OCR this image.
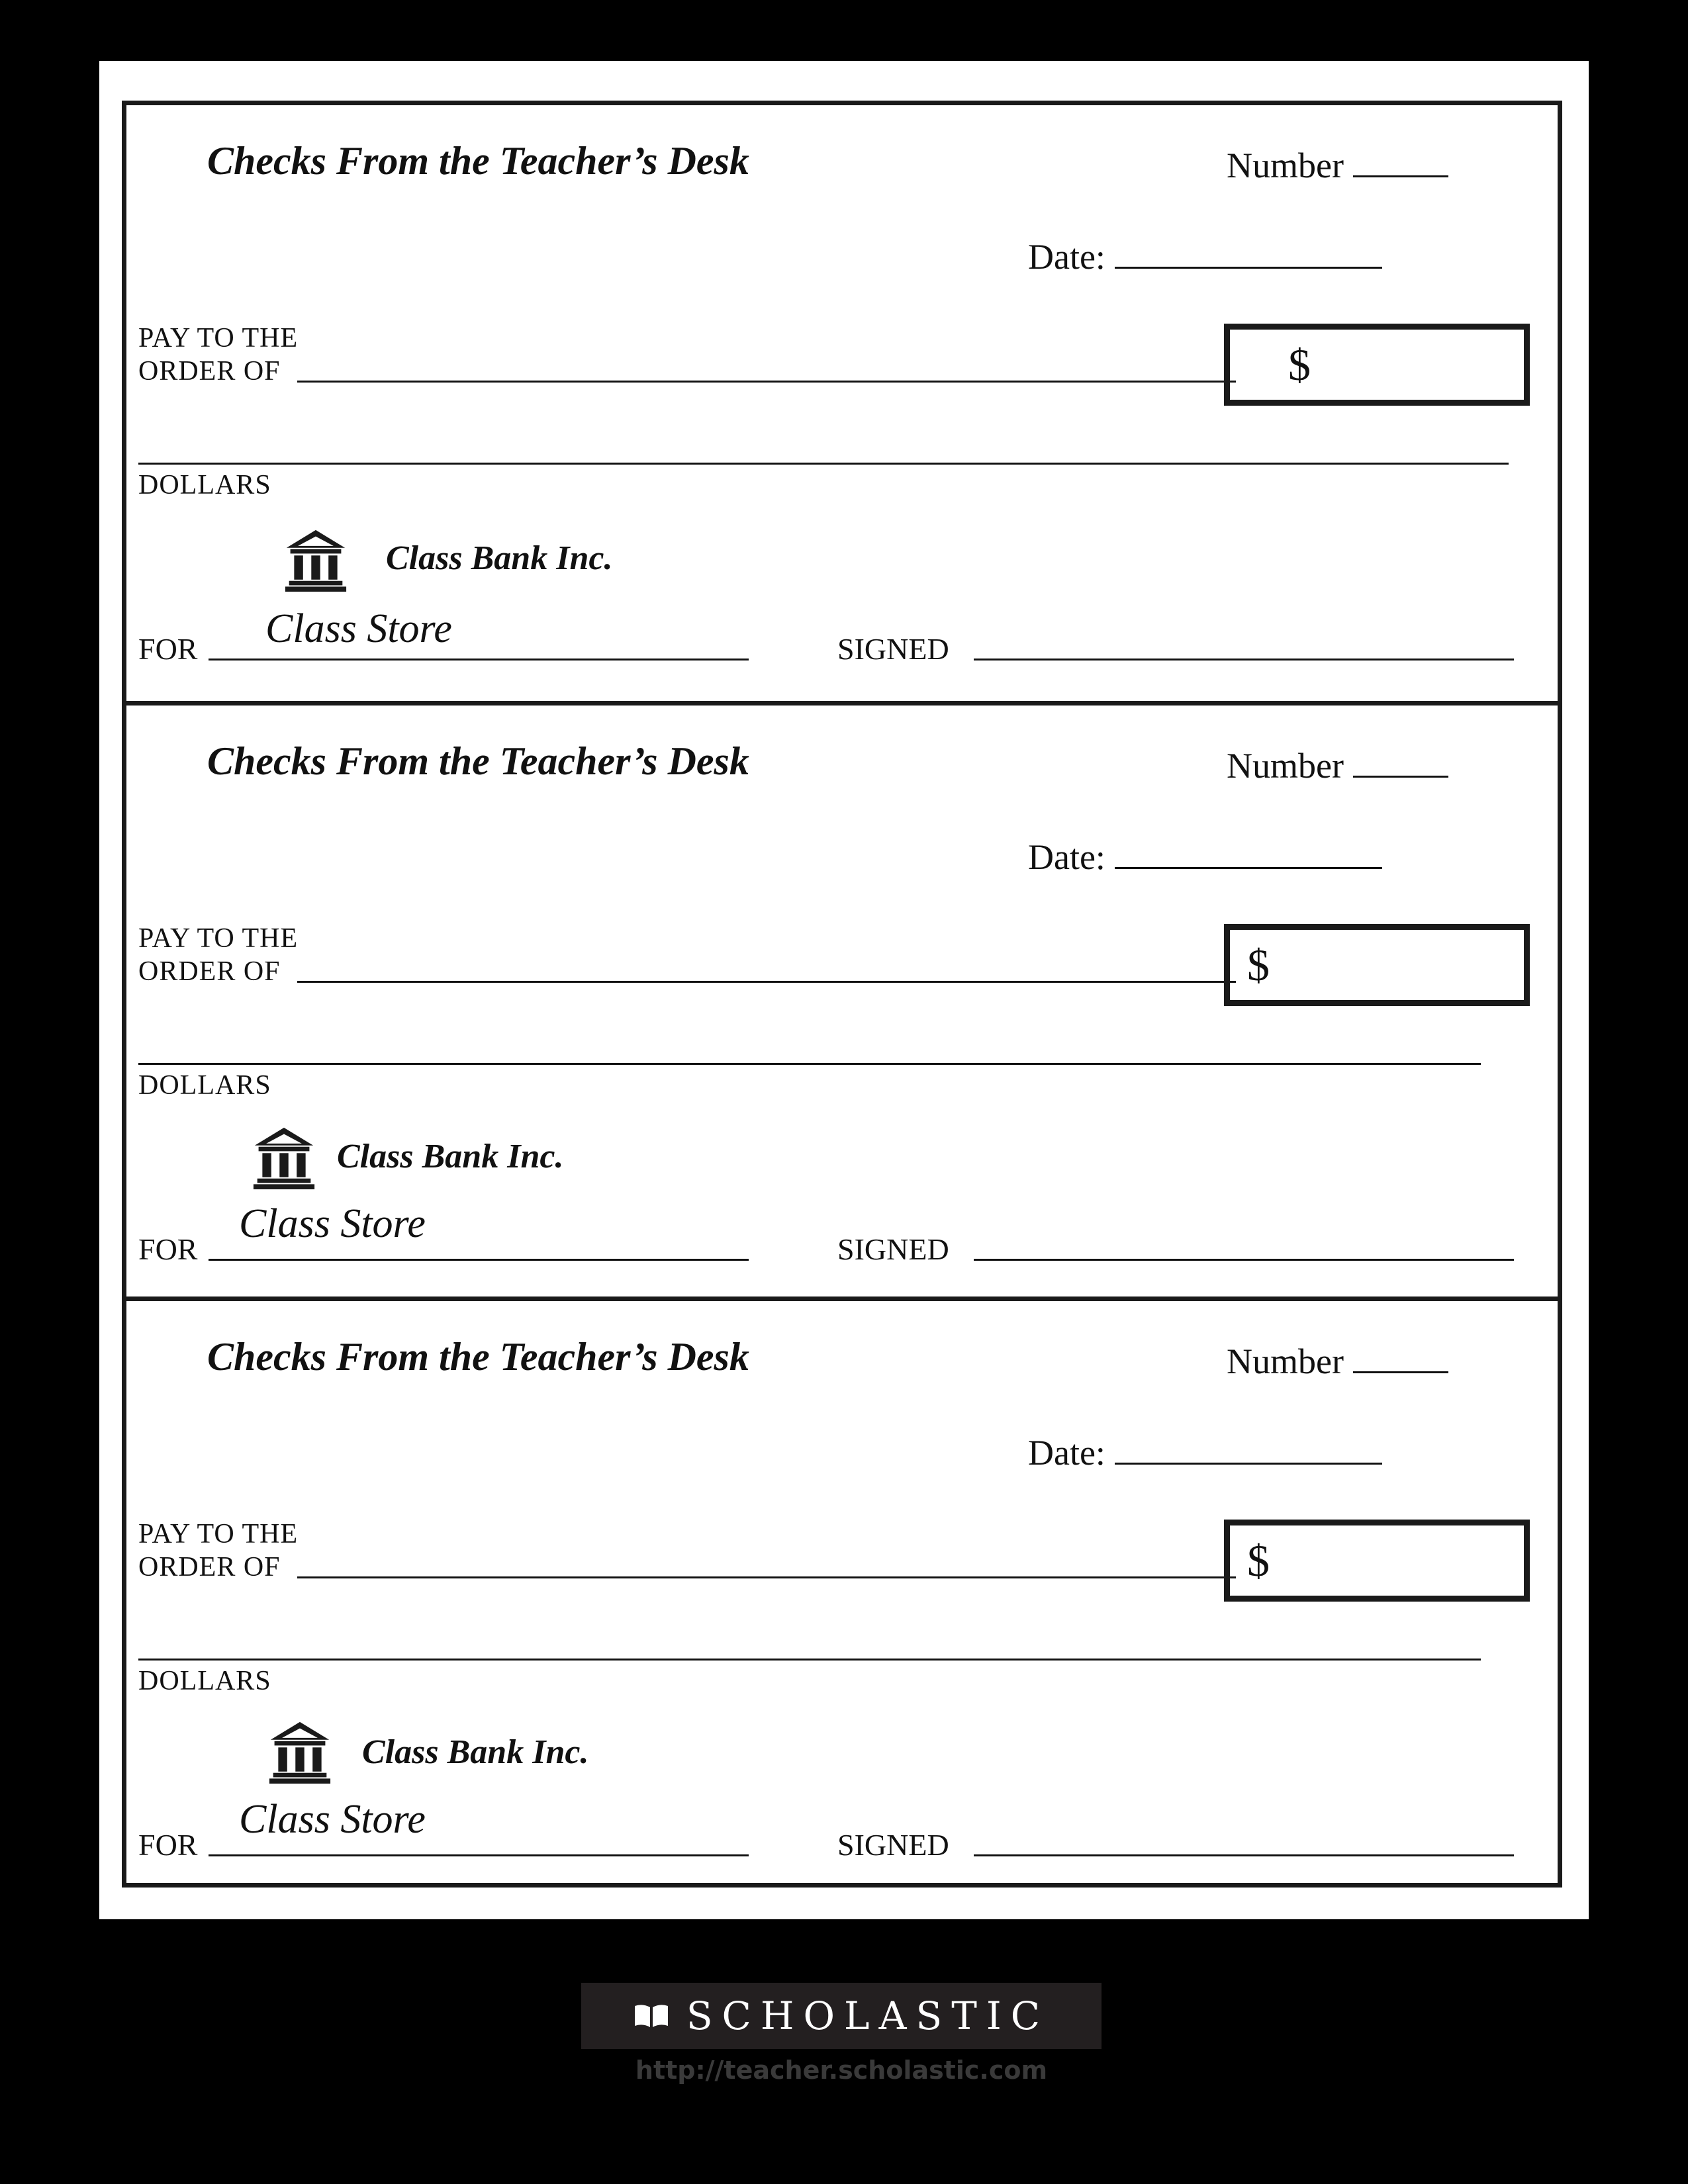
Checks From the Teacher’s Desk	Number
Date:
PAY TO THE
ORDER OF	$
DOLLARS
Class Bank Inc.
FOR Class Store	SIGNED
Checks From the Teacher’s Desk	Number
Date:
PAY TO THE
ORDER OF	$
DOLLARS
Class Bank Inc.
FOR
Class Store
SIGNED
Checks From the Teacher’s Desk	Number
Date:
PAY TO THE
ORDER OF	$
DOLLARS
Class Bank Inc.
FOR
Class Store
SIGNED
SCHOLASTIC
http://teacher.scholastic.com
